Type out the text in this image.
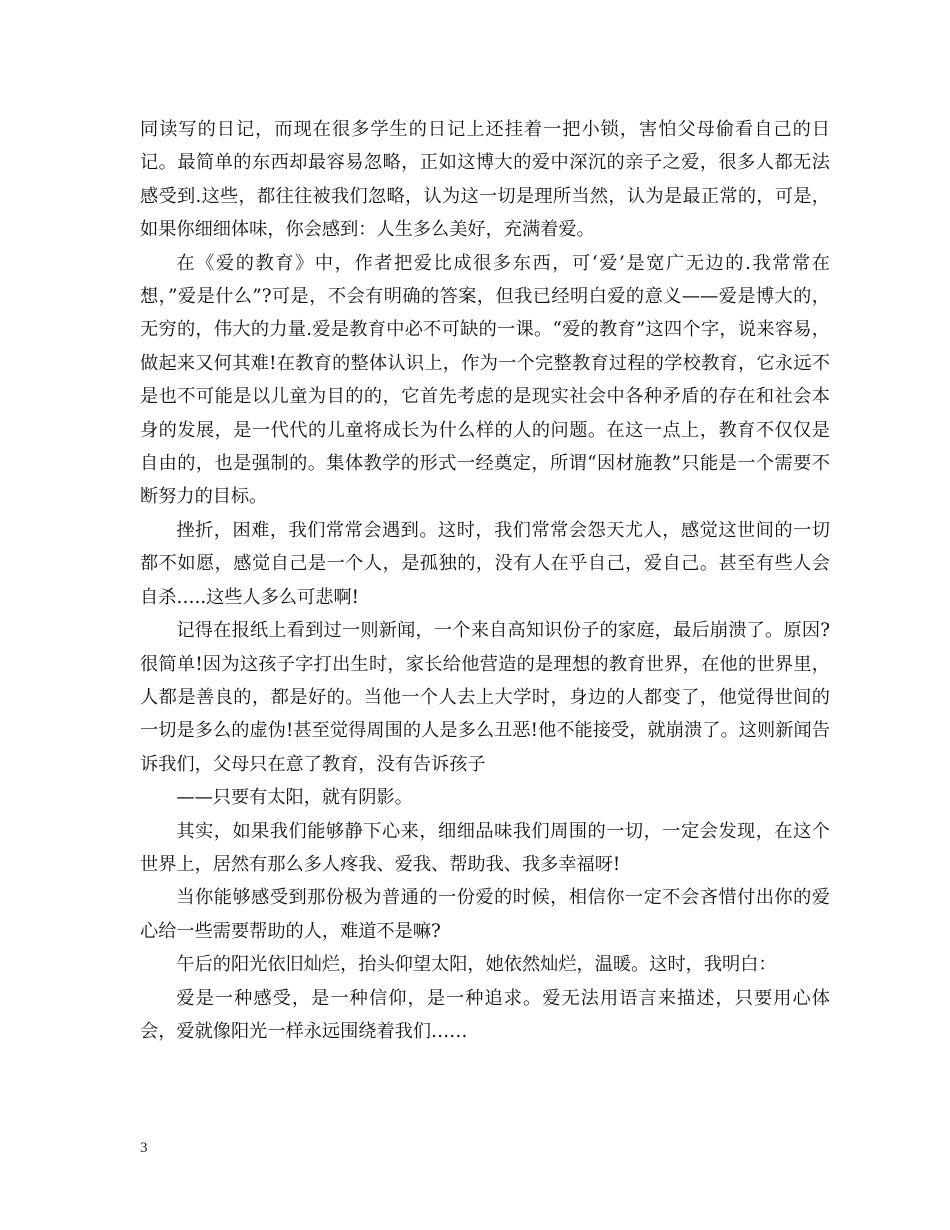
同读写的日记，而现在很多学生的日记上还挂着一把小锁，害怕父母偷看自己的日记。最简单的东西却最容易忽略，正如这博大的爱中深沉的亲子之爱，很多人都无法感受到.这些，都往往被我们忽略，认为这一切是理所当然，认为是最正常的，可是，如果你细细体味，你会感到：人生多么美好，充满着爱。

在《爱的教育》中，作者把爱比成很多东西，可‘爱’是宽广无边的.我常常在想，”爱是什么”?可是，不会有明确的答案，但我已经明白爱的意义——爱是博大的，无穷的，伟大的力量.爱是教育中必不可缺的一课。“爱的教育”这四个字，说来容易，做起来又何其难!在教育的整体认识上，作为一个完整教育过程的学校教育，它永远不是也不可能是以儿童为目的的，它首先考虑的是现实社会中各种矛盾的存在和社会本身的发展，是一代代的儿童将成长为什么样的人的问题。在这一点上，教育不仅仅是自由的，也是强制的。集体教学的形式一经奠定，所谓“因材施教”只能是一个需要不断努力的目标。

挫折，困难，我们常常会遇到。这时，我们常常会怨天尤人，感觉这世间的一切都不如愿，感觉自己是一个人，是孤独的，没有人在乎自己，爱自己。甚至有些人会自杀…..这些人多么可悲啊!

记得在报纸上看到过一则新闻，一个来自高知识份子的家庭，最后崩溃了。原因?很简单!因为这孩子字打出生时，家长给他营造的是理想的教育世界，在他的世界里，人都是善良的，都是好的。当他一个人去上大学时，身边的人都变了，他觉得世间的一切是多么的虚伪!甚至觉得周围的人是多么丑恶!他不能接受，就崩溃了。这则新闻告诉我们，父母只在意了教育，没有告诉孩子

——只要有太阳，就有阴影。

其实，如果我们能够静下心来，细细品味我们周围的一切，一定会发现，在这个世界上，居然有那么多人疼我、爱我、帮助我、我多幸福呀!

当你能够感受到那份极为普通的一份爱的时候，相信你一定不会吝惜付出你的爱心给一些需要帮助的人，难道不是嘛?

午后的阳光依旧灿烂，抬头仰望太阳，她依然灿烂，温暖。这时，我明白：

爱是一种感受，是一种信仰，是一种追求。爱无法用语言来描述，只要用心体会，爱就像阳光一样永远围绕着我们……

3
